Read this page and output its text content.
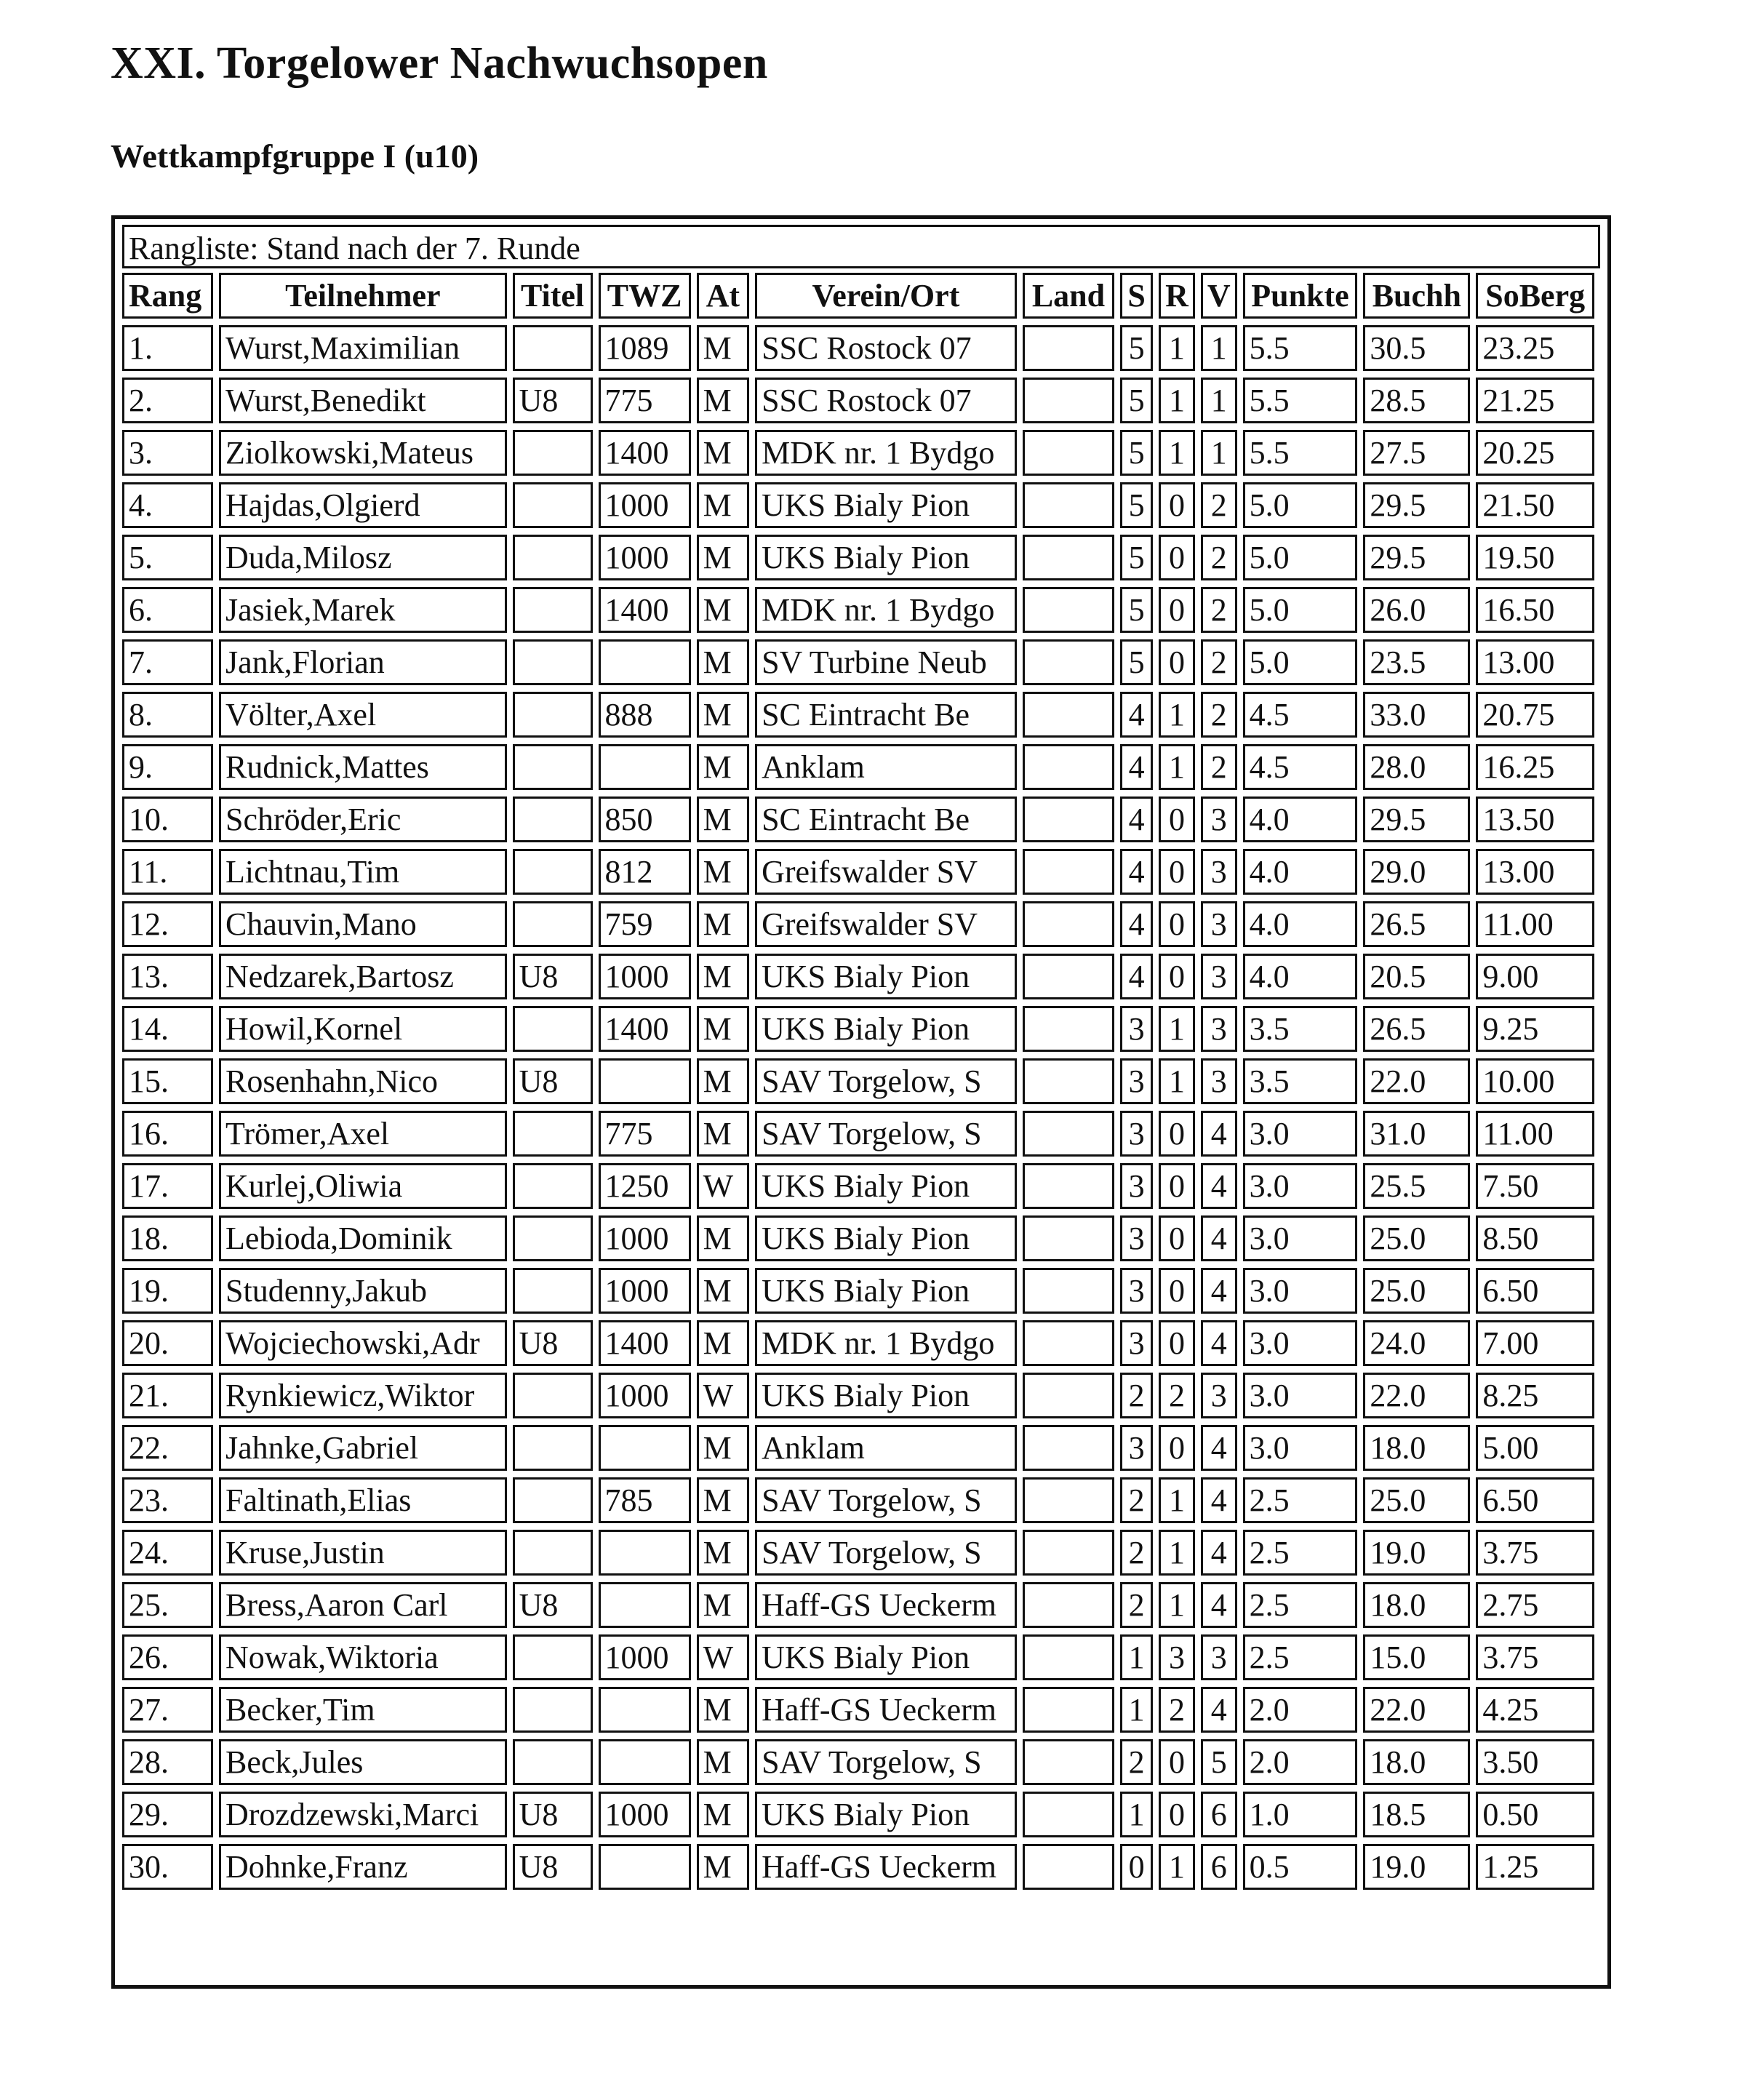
XXI. Torgelower Nachwuchsopen
Wettkampfgruppe I (u10)
Rangliste: Stand nach der 7. Runde
Rang	Teilnehmer	Titel	TWZ	At	Verein/Ort	Land	S	R	V	Punkte	Buchh	SoBerg
1.	Wurst,Maximilian		1089	M	SSC Rostock 07		5	1	1	5.5	30.5	23.25
2.	Wurst,Benedikt	U8	775	M	SSC Rostock 07		5	1	1	5.5	28.5	21.25
3.	Ziolkowski,Mateus		1400	M	MDK nr. 1 Bydgo		5	1	1	5.5	27.5	20.25
4.	Hajdas,Olgierd		1000	M	UKS Bialy Pion		5	0	2	5.0	29.5	21.50
5.	Duda,Milosz		1000	M	UKS Bialy Pion		5	0	2	5.0	29.5	19.50
6.	Jasiek,Marek		1400	M	MDK nr. 1 Bydgo		5	0	2	5.0	26.0	16.50
7.	Jank,Florian			M	SV Turbine Neub		5	0	2	5.0	23.5	13.00
8.	Völter,Axel		888	M	SC Eintracht Be		4	1	2	4.5	33.0	20.75
9.	Rudnick,Mattes			M	Anklam		4	1	2	4.5	28.0	16.25
10.	Schröder,Eric		850	M	SC Eintracht Be		4	0	3	4.0	29.5	13.50
11.	Lichtnau,Tim		812	M	Greifswalder SV		4	0	3	4.0	29.0	13.00
12.	Chauvin,Mano		759	M	Greifswalder SV		4	0	3	4.0	26.5	11.00
13.	Nedzarek,Bartosz	U8	1000	M	UKS Bialy Pion		4	0	3	4.0	20.5	9.00
14.	Howil,Kornel		1400	M	UKS Bialy Pion		3	1	3	3.5	26.5	9.25
15.	Rosenhahn,Nico	U8		M	SAV Torgelow, S		3	1	3	3.5	22.0	10.00
16.	Trömer,Axel		775	M	SAV Torgelow, S		3	0	4	3.0	31.0	11.00
17.	Kurlej,Oliwia		1250	W	UKS Bialy Pion		3	0	4	3.0	25.5	7.50
18.	Lebioda,Dominik		1000	M	UKS Bialy Pion		3	0	4	3.0	25.0	8.50
19.	Studenny,Jakub		1000	M	UKS Bialy Pion		3	0	4	3.0	25.0	6.50
20.	Wojciechowski,Adr	U8	1400	M	MDK nr. 1 Bydgo		3	0	4	3.0	24.0	7.00
21.	Rynkiewicz,Wiktor		1000	W	UKS Bialy Pion		2	2	3	3.0	22.0	8.25
22.	Jahnke,Gabriel			M	Anklam		3	0	4	3.0	18.0	5.00
23.	Faltinath,Elias		785	M	SAV Torgelow, S		2	1	4	2.5	25.0	6.50
24.	Kruse,Justin			M	SAV Torgelow, S		2	1	4	2.5	19.0	3.75
25.	Bress,Aaron Carl	U8		M	Haff-GS Ueckerm		2	1	4	2.5	18.0	2.75
26.	Nowak,Wiktoria		1000	W	UKS Bialy Pion		1	3	3	2.5	15.0	3.75
27.	Becker,Tim			M	Haff-GS Ueckerm		1	2	4	2.0	22.0	4.25
28.	Beck,Jules			M	SAV Torgelow, S		2	0	5	2.0	18.0	3.50
29.	Drozdzewski,Marci	U8	1000	M	UKS Bialy Pion		1	0	6	1.0	18.5	0.50
30.	Dohnke,Franz	U8		M	Haff-GS Ueckerm		0	1	6	0.5	19.0	1.25
